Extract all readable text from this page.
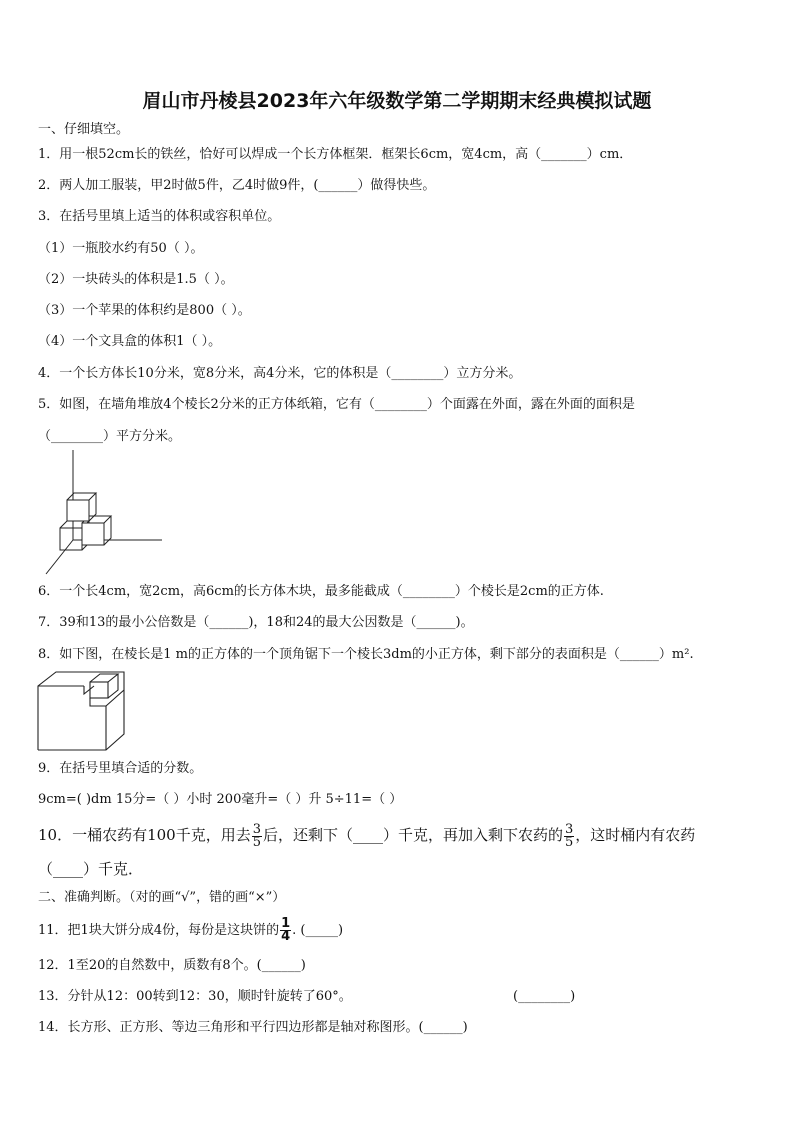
眉山市丹棱县2023年六年级数学第二学期期末经典模拟试题
一、仔细填空。
1．用一根52cm长的铁丝，恰好可以焊成一个长方体框架．框架长6cm，宽4cm，高（_______）cm．
2．两人加工服装，甲2时做5件，乙4时做9件，(______）做得快些。
3．在括号里填上适当的体积或容积单位。
（1）一瓶胶水约有50（ ）。
（2）一块砖头的体积是1.5（ ）。
（3）一个苹果的体积约是800（ ）。
（4）一个文具盒的体积1（ ）。
4．一个长方体长10分米，宽8分米，高4分米，它的体积是（________）立方分米。
5．如图，在墙角堆放4个棱长2分米的正方体纸箱，它有（________）个面露在外面，露在外面的面积是
（________）平方分米。
6．一个长4cm，宽2cm，高6cm的长方体木块，最多能截成（________）个棱长是2cm的正方体.
7．39和13的最小公倍数是（______)，18和24的最大公因数是（______)。
8．如下图，在棱长是1 m的正方体的一个顶角锯下一个棱长3dm的小正方体，剩下部分的表面积是（______）m².
9．在括号里填合适的分数。
9cm=( )dm 15分=（ ）小时 200毫升=（ ）升 5÷11=（ ）
10．一桶农药有100千克，用去 $\frac{3}{5}$ 后，还剩下（____）千克，再加入剩下农药的 $\frac{3}{5}$ ，这时桶内有农药
（____）千克．
二、准确判断。（对的画“√”，错的画“×”）
11．把1块大饼分成4份，每份是这块饼的 $\frac{1}{4}$ . (_____)
12．1至20的自然数中，质数有8个。(______)
13．分针从12：00转到12：30，顺时针旋转了60°。	(________)
14．长方形、正方形、等边三角形和平行四边形都是轴对称图形。(______)
